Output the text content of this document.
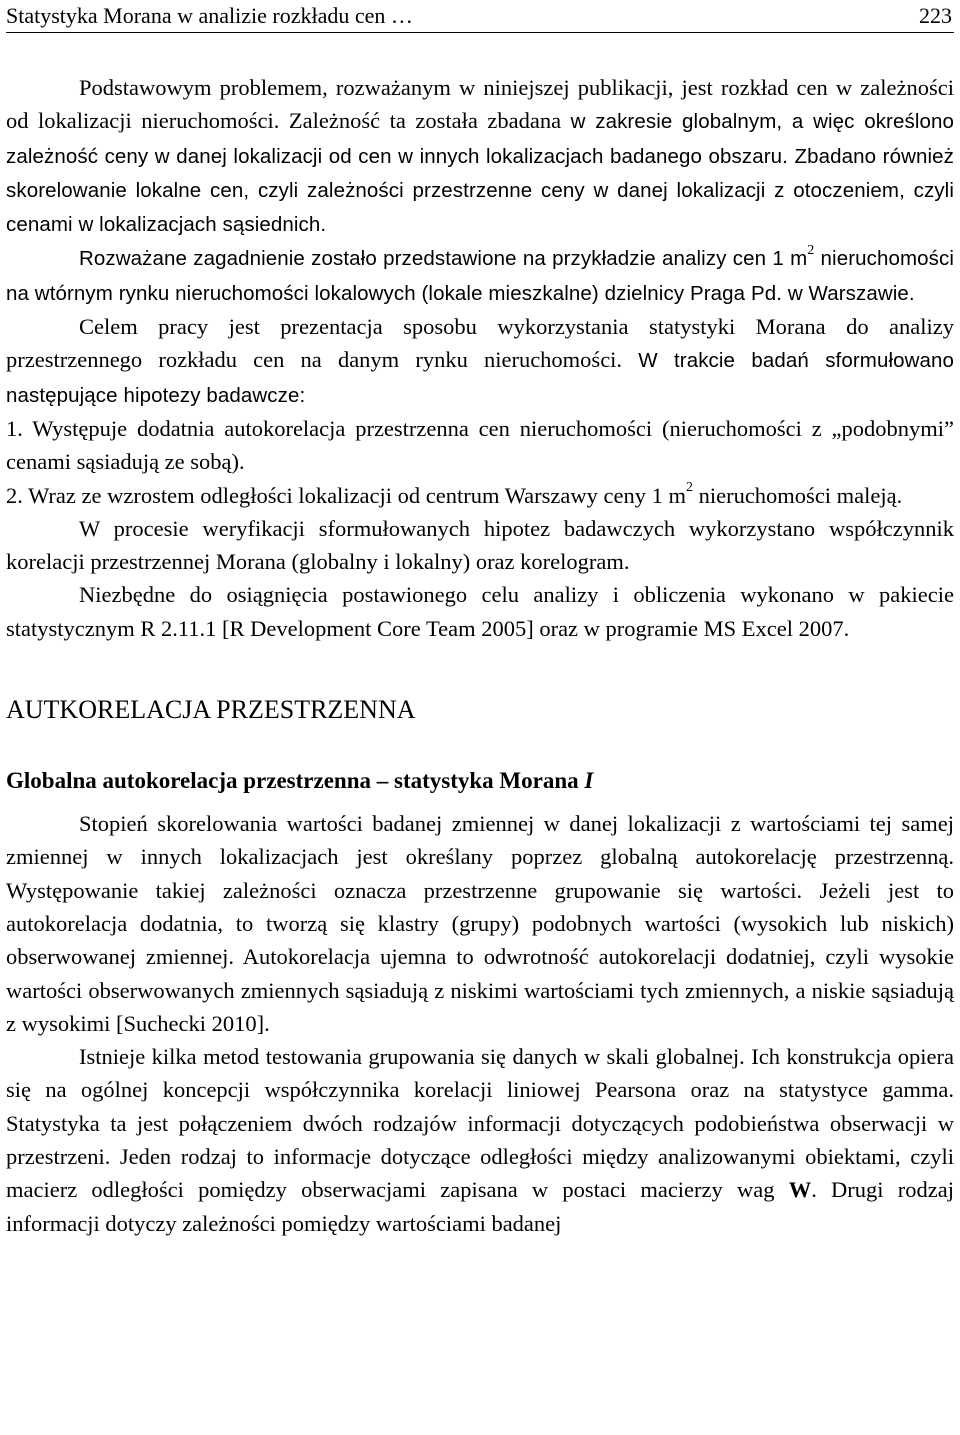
Statystyka Morana w analizie rozkładu cen …	223

Podstawowym problemem, rozważanym w niniejszej publikacji, jest rozkład cen w zależności od lokalizacji nieruchomości. Zależność ta została zbadana w zakresie globalnym, a więc określono zależność ceny w danej lokalizacji od cen w innych lokalizacjach badanego obszaru. Zbadano również skorelowanie lokalne cen, czyli zależności przestrzenne ceny w danej lokalizacji z otoczeniem, czyli cenami w lokalizacjach sąsiednich.

Rozważane zagadnienie zostało przedstawione na przykładzie analizy cen 1 $m^2$ nieruchomości na wtórnym rynku nieruchomości lokalowych (lokale mieszkalne) dzielnicy Praga Pd. w Warszawie.

Celem pracy jest prezentacja sposobu wykorzystania statystyki Morana do analizy przestrzennego rozkładu cen na danym rynku nieruchomości. W trakcie badań sformułowano następujące hipotezy badawcze:

1. Występuje dodatnia autokorelacja przestrzenna cen nieruchomości (nieruchomości z „podobnymi” cenami sąsiadują ze sobą).

2. Wraz ze wzrostem odległości lokalizacji od centrum Warszawy ceny 1 $m^2$ nieruchomości maleją.

W procesie weryfikacji sformułowanych hipotez badawczych wykorzystano współczynnik korelacji przestrzennej Morana (globalny i lokalny) oraz korelogram.

Niezbędne do osiągnięcia postawionego celu analizy i obliczenia wykonano w pakiecie statystycznym R 2.11.1 [R Development Core Team 2005] oraz w programie MS Excel 2007.

AUTKORELACJA PRZESTRZENNA
Globalna autokorelacja przestrzenna – statystyka Morana I

Stopień skorelowania wartości badanej zmiennej w danej lokalizacji z wartościami tej samej zmiennej w innych lokalizacjach jest określany poprzez globalną autokorelację przestrzenną. Występowanie takiej zależności oznacza przestrzenne grupowanie się wartości. Jeżeli jest to autokorelacja dodatnia, to tworzą się klastry (grupy) podobnych wartości (wysokich lub niskich) obserwowanej zmiennej. Autokorelacja ujemna to odwrotność autokorelacji dodatniej, czyli wysokie wartości obserwowanych zmiennych sąsiadują z niskimi wartościami tych zmiennych, a niskie sąsiadują z wysokimi [Suchecki 2010].

Istnieje kilka metod testowania grupowania się danych w skali globalnej. Ich konstrukcja opiera się na ogólnej koncepcji współczynnika korelacji liniowej Pearsona oraz na statystyce gamma. Statystyka ta jest połączeniem dwóch rodzajów informacji dotyczących podobieństwa obserwacji w przestrzeni. Jeden rodzaj to informacje dotyczące odległości między analizowanymi obiektami, czyli macierz odległości pomiędzy obserwacjami zapisana w postaci macierzy wag W. Drugi rodzaj informacji dotyczy zależności pomiędzy wartościami badanej
